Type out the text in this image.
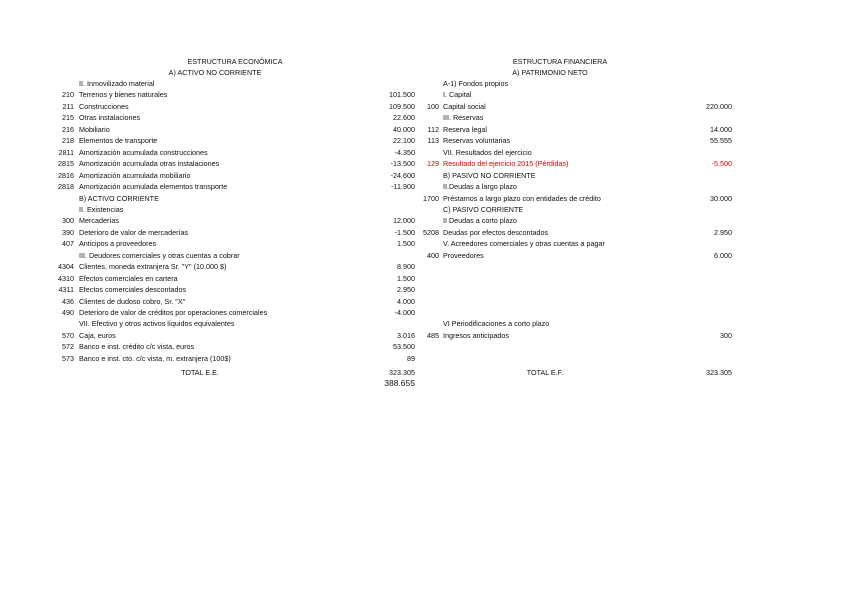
ESTRUCTURA ECONÓMICA
A) ACTIVO NO CORRIENTE
ESTRUCTURA FINANCIERA
A) PATRIMONIO NETO
II. Inmovilizado material
210 Terrenos y bienes naturales	101.500
211 Construcciones	109.500
215 Otras instalaciones	22.600
216 Mobiliario	40.000
218 Elementos de transporte	22.100
2811 Amortización acumulada construcciones	-4.350
2815 Amortización acumulada otras instalaciones	-13.500
2816 Amortización acumulada mobiliario	-24.600
2818 Amortización acumulada elementos transporte	-11.900
B) ACTIVO CORRIENTE
II. Existencias
300 Mercaderías	12.000
390 Deterioro de valor de mercaderías	-1.500
407 Anticipos a proveedores	1.500
III. Deudores comerciales y otras cuentas a cobrar
4304 Clientes, moneda extranjera Sr. "Y" (10.000 $)	8.900
4310 Efectos comerciales en cartera	1.500
4311 Efectos comerciales descontados	2.950
436 Clientes de dudoso cobro, Sr. "X"	4.000
490 Deterioro de valor de créditos por operaciones comerciales	-4.000
VII. Efectivo y otros activos líquidos equivalentes
570 Caja, euros	3.016
572 Banco e inst. crédito c/c vista, euros	53.500
573 Banco e inst. cto. c/c vista, m. extranjera (100$)	89
A-1) Fondos propios
I. Capital
100 Capital social	220.000
III. Reservas
112 Reserva legal	14.000
113 Reservas voluntarias	55.555
VII. Resultados del ejercicio
129 Resultado del ejercicio 2015 (Pérdidas)	-5.500
B) PASIVO NO CORRIENTE
II.Deudas a largo plazo
1700 Préstamos a largo plazo con entidades de crédito	30.000
C) PASIVO CORRIENTE
II Deudas a corto plazo
5208 Deudas por efectos descontados	2.950
V. Acreedores comerciales y otras cuentas a pagar
400 Proveedores	6.000
VI Periodificaciones a corto plazo
485 Ingresos anticipados	300
TOTAL E.E.	323.305	TOTAL E.F.	323.305
388.655
